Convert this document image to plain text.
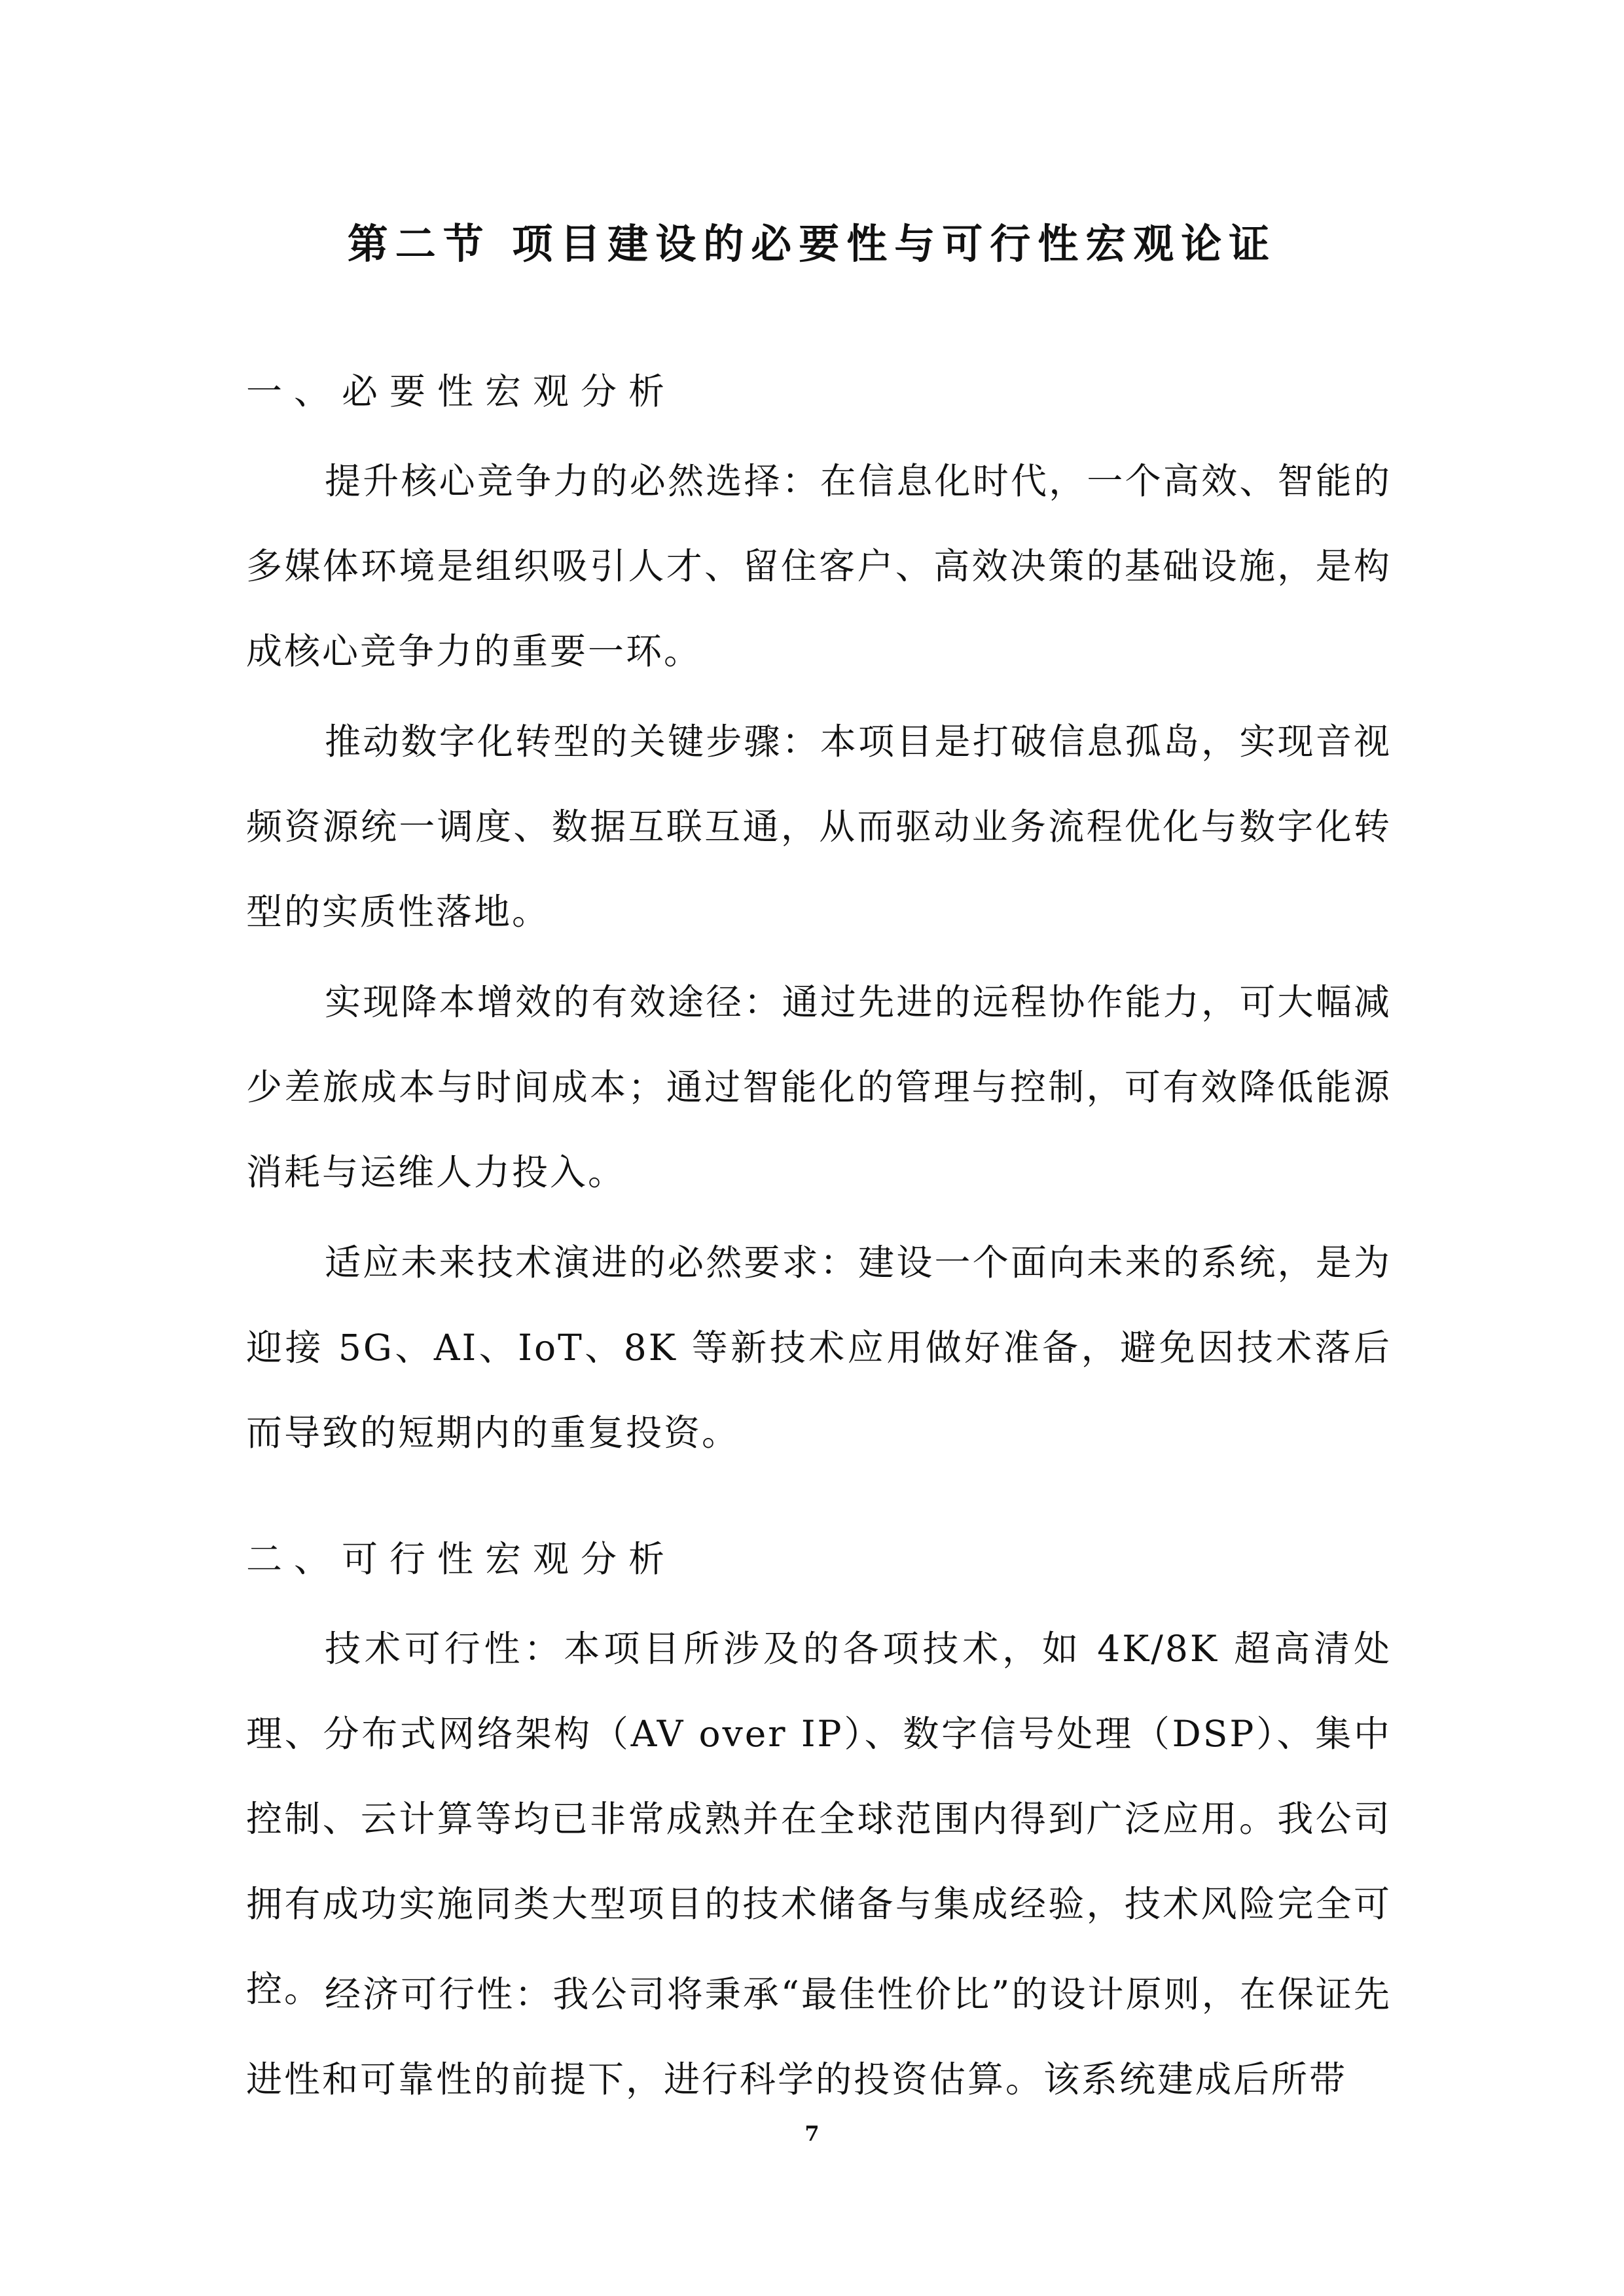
第二节 项目建设的必要性与可行性宏观论证
一、必要性宏观分析

提升核心竞争力的必然选择：在信息化时代，一个高效、智能的多媒体环境是组织吸引人才、留住客户、高效决策的基础设施，是构成核心竞争力的重要一环。

推动数字化转型的关键步骤：本项目是打破信息孤岛，实现音视频资源统一调度、数据互联互通，从而驱动业务流程优化与数字化转型的实质性落地。

实现降本增效的有效途径：通过先进的远程协作能力，可大幅减少差旅成本与时间成本；通过智能化的管理与控制，可有效降低能源消耗与运维人力投入。

适应未来技术演进的必然要求：建设一个面向未来的系统，是为迎接 5G、AI、IoT、8K 等新技术应用做好准备，避免因技术落后而导致的短期内的重复投资。

二、可行性宏观分析

技术可行性：本项目所涉及的各项技术，如 4K/8K 超高清处理、分布式网络架构（AV over IP）、数字信号处理（DSP）、集中控制、云计算等均已非常成熟并在全球范围内得到广泛应用。我公司拥有成功实施同类大型项目的技术储备与集成经验，技术风险完全可控。 经济可行性：我公司将秉承“最佳性价比”的设计原则，在保证先进性和可靠性的前提下，进行科学的投资估算。该系统建成后所带

7
